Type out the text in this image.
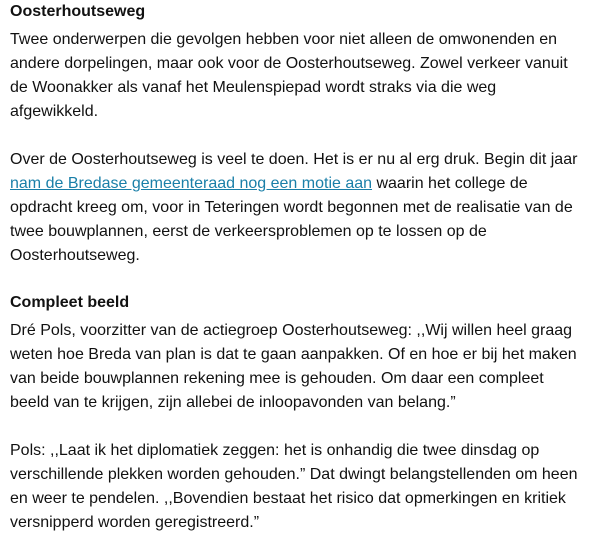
Oosterhoutseweg

Twee onderwerpen die gevolgen hebben voor niet alleen de omwonenden en andere dorpelingen, maar ook voor de Oosterhoutseweg. Zowel verkeer vanuit de Woonakker als vanaf het Meulenspiepad wordt straks via die weg afgewikkeld.

Over de Oosterhoutseweg is veel te doen. Het is er nu al erg druk. Begin dit jaar nam de Bredase gemeenteraad nog een motie aan waarin het college de opdracht kreeg om, voor in Teteringen wordt begonnen met de realisatie van de twee bouwplannen, eerst de verkeersproblemen op te lossen op de Oosterhoutseweg.

Compleet beeld

Dré Pols, voorzitter van de actiegroep Oosterhoutseweg: ,,Wij willen heel graag weten hoe Breda van plan is dat te gaan aanpakken. Of en hoe er bij het maken van beide bouwplannen rekening mee is gehouden. Om daar een compleet beeld van te krijgen, zijn allebei de inloopavonden van belang.”

Pols: ,,Laat ik het diplomatiek zeggen: het is onhandig die twee dinsdag op verschillende plekken worden gehouden.” Dat dwingt belangstellenden om heen en weer te pendelen. ,,Bovendien bestaat het risico dat opmerkingen en kritiek versnipperd worden geregistreerd.”
